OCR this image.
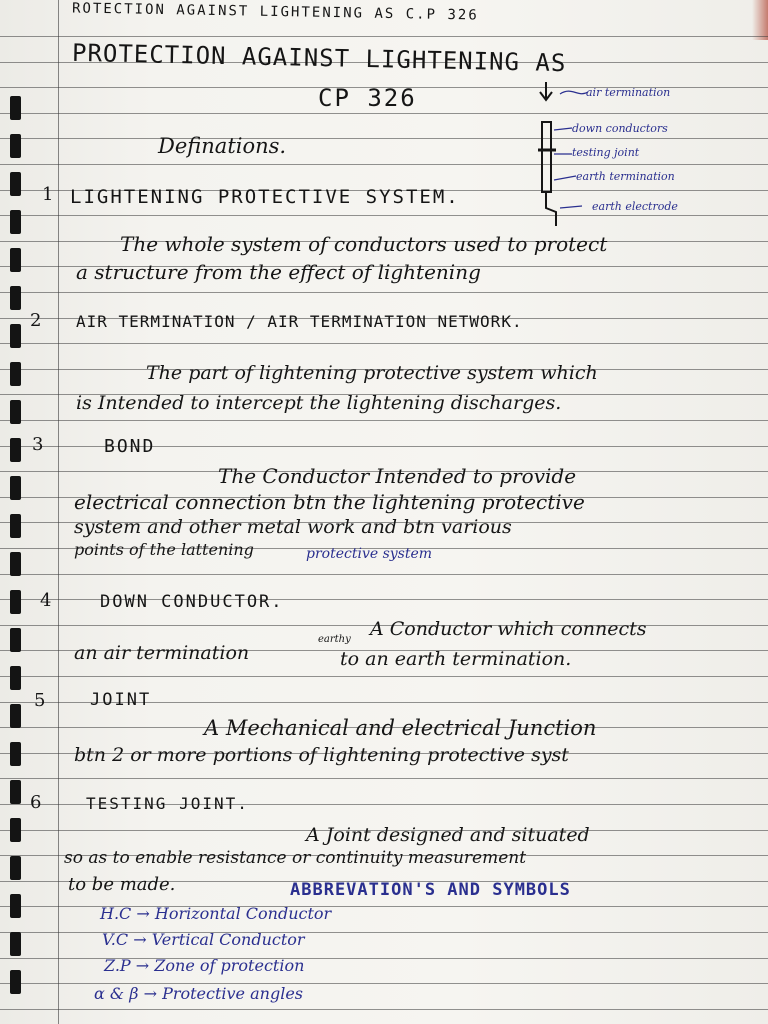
ROTECTION AGAINST LIGHTENING AS C.P 326
PROTECTION AGAINST LIGHTENING AS
CP 326
Definations.
air termination
down conductors
testing joint
earth termination
earth electrode
1 LIGHTENING PROTECTIVE SYSTEM.
The whole system of conductors used to protect
a structure from the effect of lightening
2 AIR TERMINATION / AIR TERMINATION NETWORK.
The part of lightening protective system which
is Intended to intercept the lightening discharges.
3	BOND
The Conductor Intended to provide
electrical connection btn the lightening protective
system and other metal work and btn various
points of the lattening	protective system
4	DOWN CONDUCTOR.
A Conductor which connects
earthy
an air termination	to an earth termination.
5	JOINT
A Mechanical and electrical Junction
btn 2 or more portions of lightening protective syst
6	TESTING JOINT.
A Joint designed and situated
so as to enable resistance or continuity measurement
to be made.	ABBREVATION'S AND SYMBOLS
H.C → Horizontal Conductor
V.C → Vertical Conductor
Z.P → Zone of protection
α & β → Protective angles
